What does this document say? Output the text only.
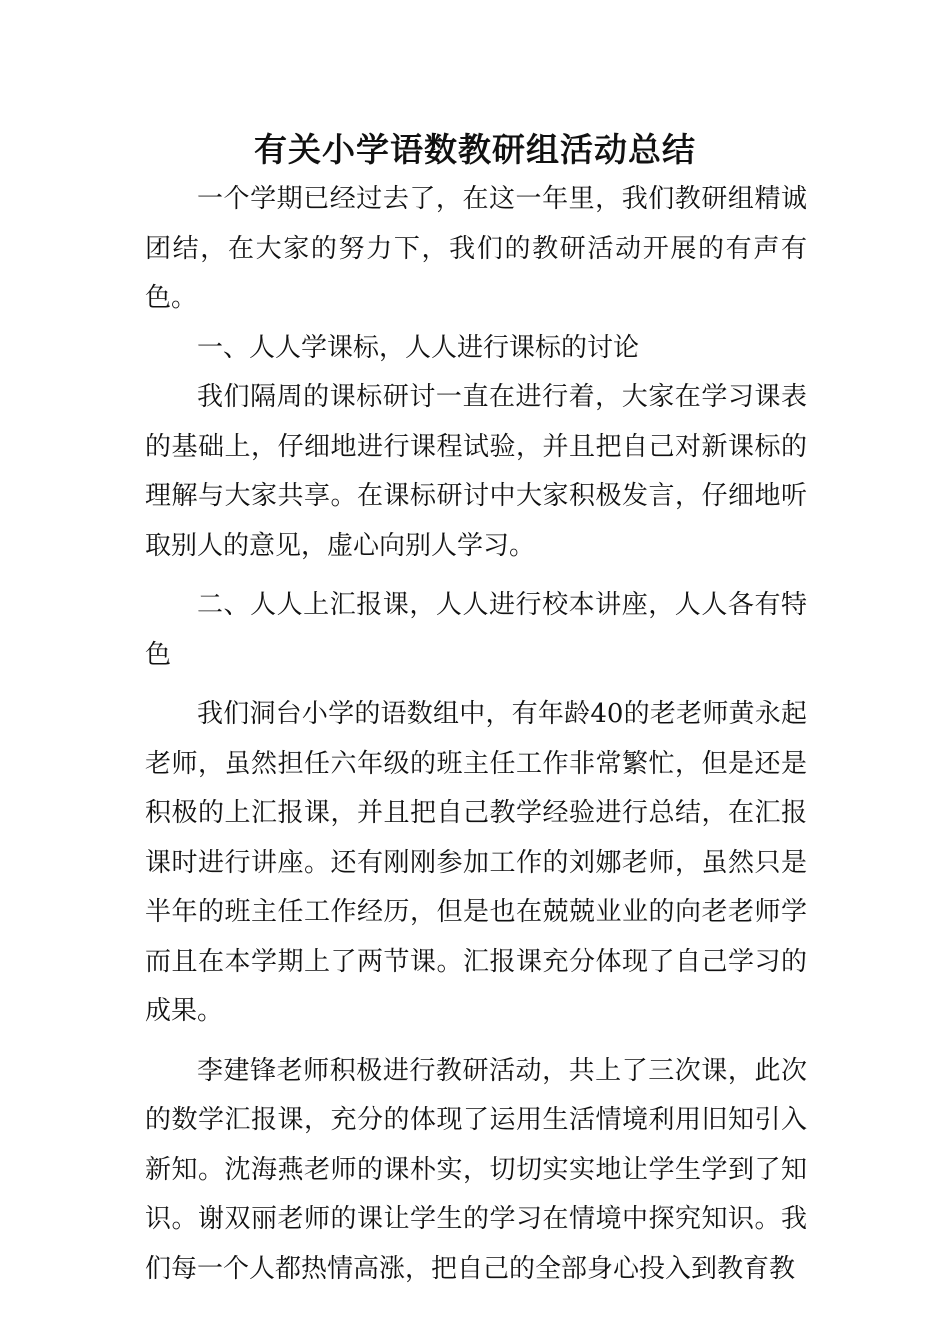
有关小学语数教研组活动总结

一个学期已经过去了，在这一年里，我们教研组精诚团结，在大家的努力下，我们的教研活动开展的有声有色。

一、人人学课标，人人进行课标的讨论

我们隔周的课标研讨一直在进行着，大家在学习课表的基础上，仔细地进行课程试验，并且把自己对新课标的理解与大家共享。在课标研讨中大家积极发言，仔细地听取别人的意见，虚心向别人学习。

二、人人上汇报课，人人进行校本讲座，人人各有特色

我们洞台小学的语数组中，有年龄40的老老师黄永起老师，虽然担任六年级的班主任工作非常繁忙，但是还是积极的上汇报课，并且把自己教学经验进行总结，在汇报课时进行讲座。还有刚刚参加工作的刘娜老师，虽然只是半年的班主任工作经历，但是也在兢兢业业的向老老师学而且在本学期上了两节课。汇报课充分体现了自己学习的成果。

李建锋老师积极进行教研活动，共上了三次课，此次的数学汇报课，充分的体现了运用生活情境利用旧知引入新知。沈海燕老师的课朴实，切切实实地让学生学到了知识。谢双丽老师的课让学生的学习在情境中探究知识。我们每一个人都热情高涨，把自己的全部身心投入到教育教
